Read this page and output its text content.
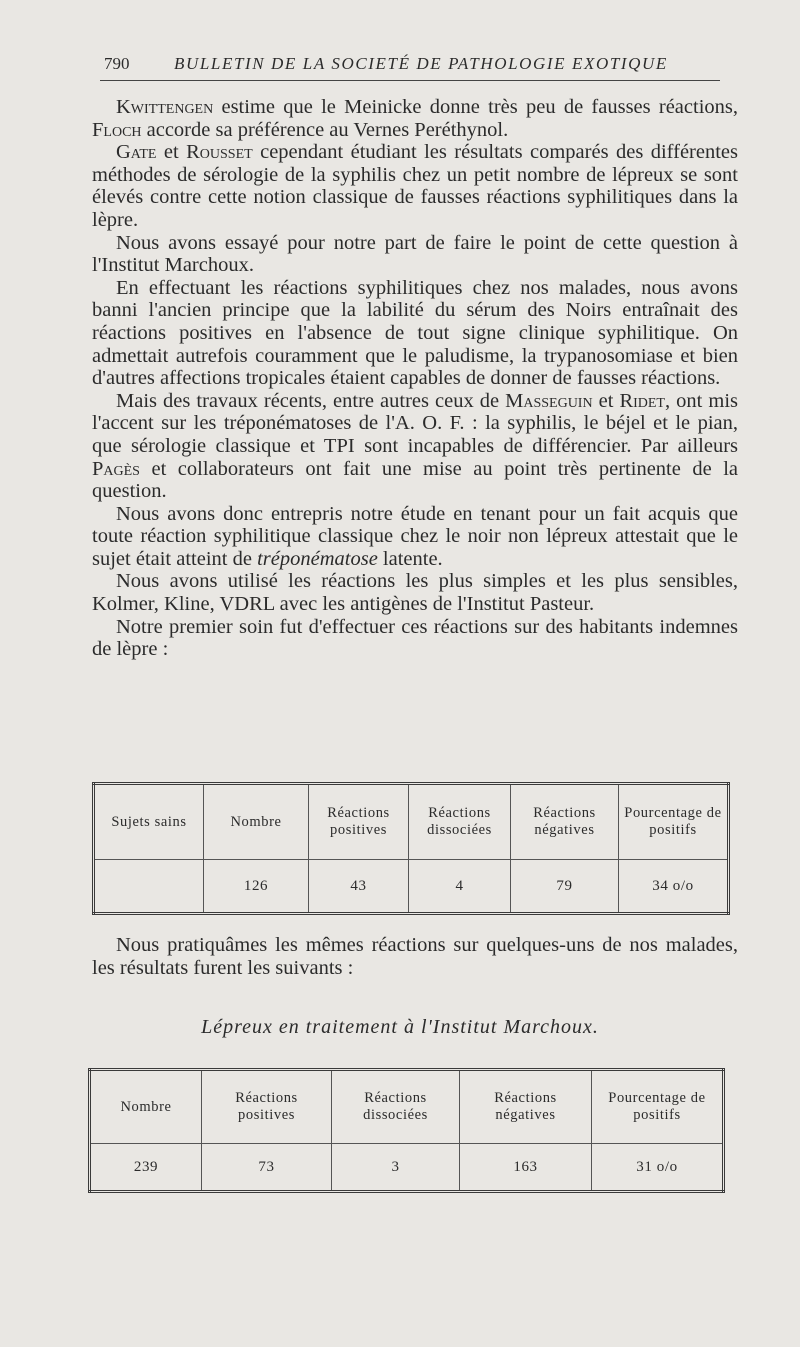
790	BULLETIN DE LA SOCIETÉ DE PATHOLOGIE EXOTIQUE

Kwittengen estime que le Meinicke donne très peu de fausses réactions, Floch accorde sa préférence au Vernes Peréthynol.

Gate et Rousset cependant étudiant les résultats comparés des différentes méthodes de sérologie de la syphilis chez un petit nombre de lépreux se sont élevés contre cette notion classique de fausses réactions syphilitiques dans la lèpre.

Nous avons essayé pour notre part de faire le point de cette question à l'Institut Marchoux.

En effectuant les réactions syphilitiques chez nos malades, nous avons banni l'ancien principe que la labilité du sérum des Noirs entraînait des réactions positives en l'absence de tout signe clinique syphilitique. On admettait autrefois couramment que le paludisme, la trypanosomiase et bien d'autres affections tropicales étaient capables de donner de fausses réactions.

Mais des travaux récents, entre autres ceux de Masseguin et Ridet, ont mis l'accent sur les tréponématoses de l'A. O. F. : la syphilis, le béjel et le pian, que sérologie classique et TPI sont incapables de différencier. Par ailleurs Pagès et collaborateurs ont fait une mise au point très pertinente de la question.

Nous avons donc entrepris notre étude en tenant pour un fait acquis que toute réaction syphilitique classique chez le noir non lépreux attestait que le sujet était atteint de tréponématose latente.

Nous avons utilisé les réactions les plus simples et les plus sensibles, Kolmer, Kline, VDRL avec les antigènes de l'Institut Pasteur.

Notre premier soin fut d'effectuer ces réactions sur des habitants indemnes de lèpre :

Sujets sains	Nombre	Réactions positives	Réactions dissociées	Réactions négatives	Pourcentage de positifs
	126	43	4	79	34 o/o

Nous pratiquâmes les mêmes réactions sur quelques-uns de nos malades, les résultats furent les suivants :

Lépreux en traitement à l'Institut Marchoux.
Nombre	Réactions positives	Réactions dissociées	Réactions négatives	Pourcentage de positifs
239	73	3	163	31 o/o
